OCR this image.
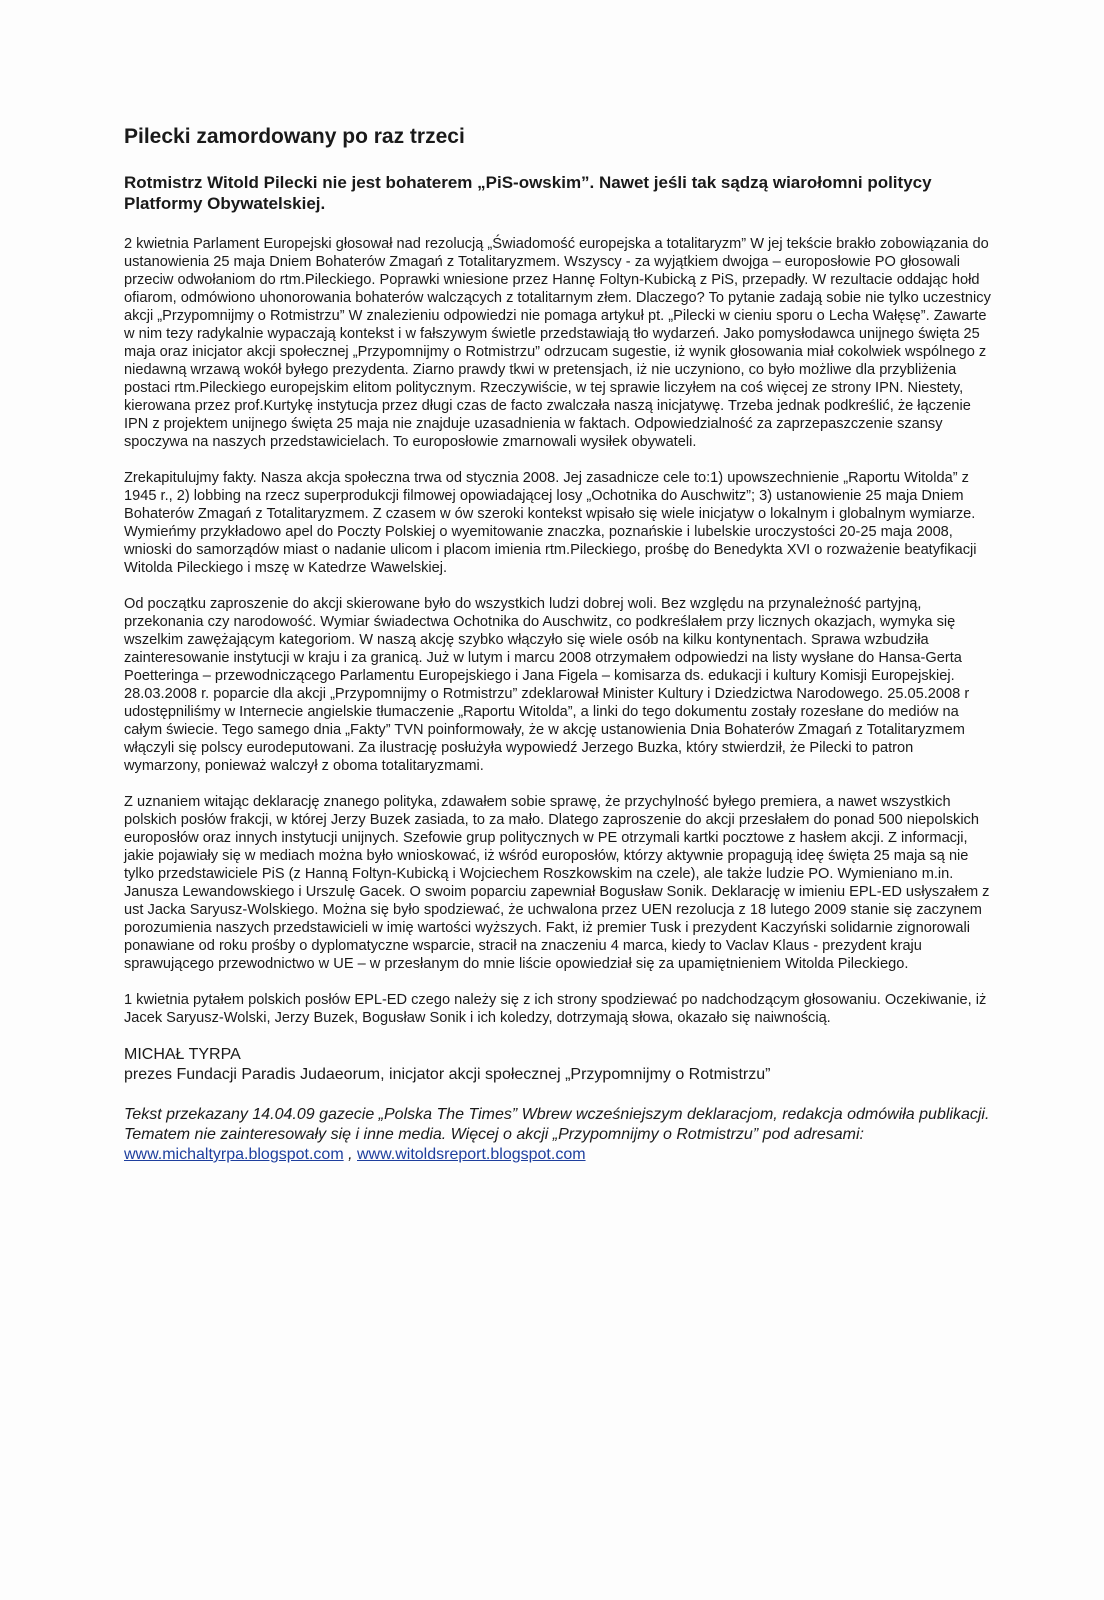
Pilecki zamordowany po raz trzeci
Rotmistrz Witold Pilecki nie jest bohaterem „PiS-owskim”. Nawet jeśli tak sądzą wiarołomni politycy Platformy Obywatelskiej.

2 kwietnia Parlament Europejski głosował nad rezolucją „Świadomość europejska a totalitaryzm” W jej tekście brakło zobowiązania do ustanowienia 25 maja Dniem Bohaterów Zmagań z Totalitaryzmem. Wszyscy - za wyjątkiem dwojga – europosłowie PO głosowali przeciw odwołaniom do rtm.Pileckiego. Poprawki wniesione przez Hannę Foltyn-Kubicką z PiS, przepadły. W rezultacie oddając hołd ofiarom, odmówiono uhonorowania bohaterów walczących z totalitarnym złem. Dlaczego? To pytanie zadają sobie nie tylko uczestnicy akcji „Przypomnijmy o Rotmistrzu” W znalezieniu odpowiedzi nie pomaga artykuł pt. „Pilecki w cieniu sporu o Lecha Wałęsę”. Zawarte w nim tezy radykalnie wypaczają kontekst i w fałszywym świetle przedstawiają tło wydarzeń. Jako pomysłodawca unijnego święta 25 maja oraz inicjator akcji społecznej „Przypomnijmy o Rotmistrzu” odrzucam sugestie, iż wynik głosowania miał cokolwiek wspólnego z niedawną wrzawą wokół byłego prezydenta. Ziarno prawdy tkwi w pretensjach, iż nie uczyniono, co było możliwe dla przybliżenia postaci rtm.Pileckiego europejskim elitom politycznym. Rzeczywiście, w tej sprawie liczyłem na coś więcej ze strony IPN. Niestety, kierowana przez prof.Kurtykę instytucja przez długi czas de facto zwalczała naszą inicjatywę. Trzeba jednak podkreślić, że łączenie IPN z projektem unijnego święta 25 maja nie znajduje uzasadnienia w faktach. Odpowiedzialność za zaprzepaszczenie szansy spoczywa na naszych przedstawicielach. To europosłowie zmarnowali wysiłek obywateli.

Zrekapitulujmy fakty. Nasza akcja społeczna trwa od stycznia 2008. Jej zasadnicze cele to:1) upowszechnienie „Raportu Witolda” z 1945 r., 2) lobbing na rzecz superprodukcji filmowej opowiadającej losy „Ochotnika do Auschwitz”; 3) ustanowienie 25 maja Dniem Bohaterów Zmagań z Totalitaryzmem. Z czasem w ów szeroki kontekst wpisało się wiele inicjatyw o lokalnym i globalnym wymiarze. Wymieńmy przykładowo apel do Poczty Polskiej o wyemitowanie znaczka, poznańskie i lubelskie uroczystości 20-25 maja 2008, wnioski do samorządów miast o nadanie ulicom i placom imienia rtm.Pileckiego, prośbę do Benedykta XVI o rozważenie beatyfikacji Witolda Pileckiego i mszę w Katedrze Wawelskiej.

Od początku zaproszenie do akcji skierowane było do wszystkich ludzi dobrej woli. Bez względu na przynależność partyjną, przekonania czy narodowość. Wymiar świadectwa Ochotnika do Auschwitz, co podkreślałem przy licznych okazjach, wymyka się wszelkim zawężającym kategoriom. W naszą akcję szybko włączyło się wiele osób na kilku kontynentach. Sprawa wzbudziła zainteresowanie instytucji w kraju i za granicą. Już w lutym i marcu 2008 otrzymałem odpowiedzi na listy wysłane do Hansa-Gerta Poetteringa – przewodniczącego Parlamentu Europejskiego i Jana Figela – komisarza ds. edukacji i kultury Komisji Europejskiej. 28.03.2008 r. poparcie dla akcji „Przypomnijmy o Rotmistrzu” zdeklarował Minister Kultury i Dziedzictwa Narodowego. 25.05.2008 r udostępniliśmy w Internecie angielskie tłumaczenie „Raportu Witolda”, a linki do tego dokumentu zostały rozesłane do mediów na całym świecie. Tego samego dnia „Fakty” TVN poinformowały, że w akcję ustanowienia Dnia Bohaterów Zmagań z Totalitaryzmem włączyli się polscy eurodeputowani. Za ilustrację posłużyła wypowiedź Jerzego Buzka, który stwierdził, że Pilecki to patron wymarzony, ponieważ walczył z oboma totalitaryzmami.

Z uznaniem witając deklarację znanego polityka, zdawałem sobie sprawę, że przychylność byłego premiera, a nawet wszystkich polskich posłów frakcji, w której Jerzy Buzek zasiada, to za mało. Dlatego zaproszenie do akcji przesłałem do ponad 500 niepolskich europosłów oraz innych instytucji unijnych. Szefowie grup politycznych w PE otrzymali kartki pocztowe z hasłem akcji. Z informacji, jakie pojawiały się w mediach można było wnioskować, iż wśród europosłów, którzy aktywnie propagują ideę święta 25 maja są nie tylko przedstawiciele PiS (z Hanną Foltyn-Kubicką i Wojciechem Roszkowskim na czele), ale także ludzie PO. Wymieniano m.in. Janusza Lewandowskiego i Urszulę Gacek. O swoim poparciu zapewniał Bogusław Sonik. Deklarację w imieniu EPL-ED usłyszałem z ust Jacka Saryusz-Wolskiego. Można się było spodziewać, że uchwalona przez UEN rezolucja z 18 lutego 2009 stanie się zaczynem porozumienia naszych przedstawicieli w imię wartości wyższych. Fakt, iż premier Tusk i prezydent Kaczyński solidarnie zignorowali ponawiane od roku prośby o dyplomatyczne wsparcie, stracił na znaczeniu 4 marca, kiedy to Vaclav Klaus - prezydent kraju sprawującego przewodnictwo w UE – w przesłanym do mnie liście opowiedział się za upamiętnieniem Witolda Pileckiego.

1 kwietnia pytałem polskich posłów EPL-ED czego należy się z ich strony spodziewać po nadchodzącym głosowaniu. Oczekiwanie, iż Jacek Saryusz-Wolski, Jerzy Buzek, Bogusław Sonik i ich koledzy, dotrzymają słowa, okazało się naiwnością.

MICHAŁ TYRPA

prezes Fundacji Paradis Judaeorum, inicjator akcji społecznej „Przypomnijmy o Rotmistrzu”

Tekst przekazany 14.04.09 gazecie „Polska The Times” Wbrew wcześniejszym deklaracjom, redakcja odmówiła publikacji. Tematem nie zainteresowały się i inne media. Więcej o akcji „Przypomnijmy o Rotmistrzu” pod adresami: www.michaltyrpa.blogspot.com , www.witoldsreport.blogspot.com
